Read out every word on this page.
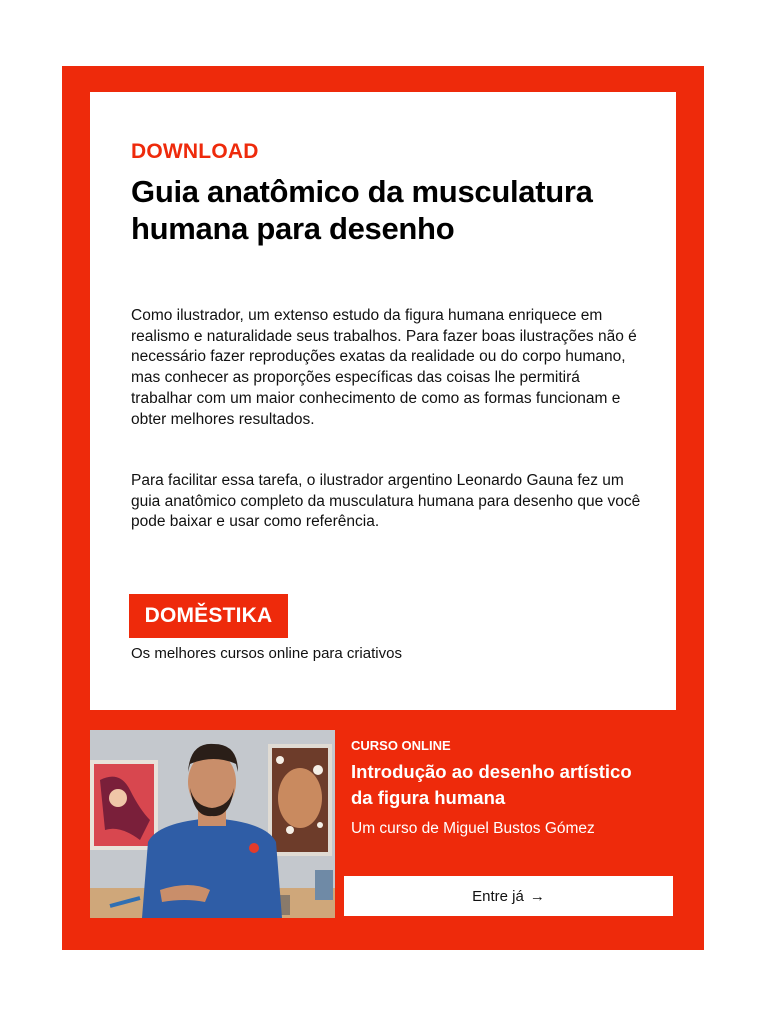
DOWNLOAD
Guia anatômico da musculatura humana para desenho

Como ilustrador, um extenso estudo da figura humana enriquece em realismo e naturalidade seus trabalhos. Para fazer boas ilustrações não é necessário fazer reproduções exatas da realidade ou do corpo humano, mas conhecer as proporções específicas das coisas lhe permitirá trabalhar com um maior conhecimento de como as formas funcionam e obter melhores resultados.

Para facilitar essa tarefa, o ilustrador argentino Leonardo Gauna fez um guia anatômico completo da musculatura humana para desenho que você pode baixar e usar como referência.

DOMĚSTIKA
Os melhores cursos online para criativos
CURSO ONLINE
Introdução ao desenho artístico da figura humana
Um curso de Miguel Bustos Gómez
Entre já →
